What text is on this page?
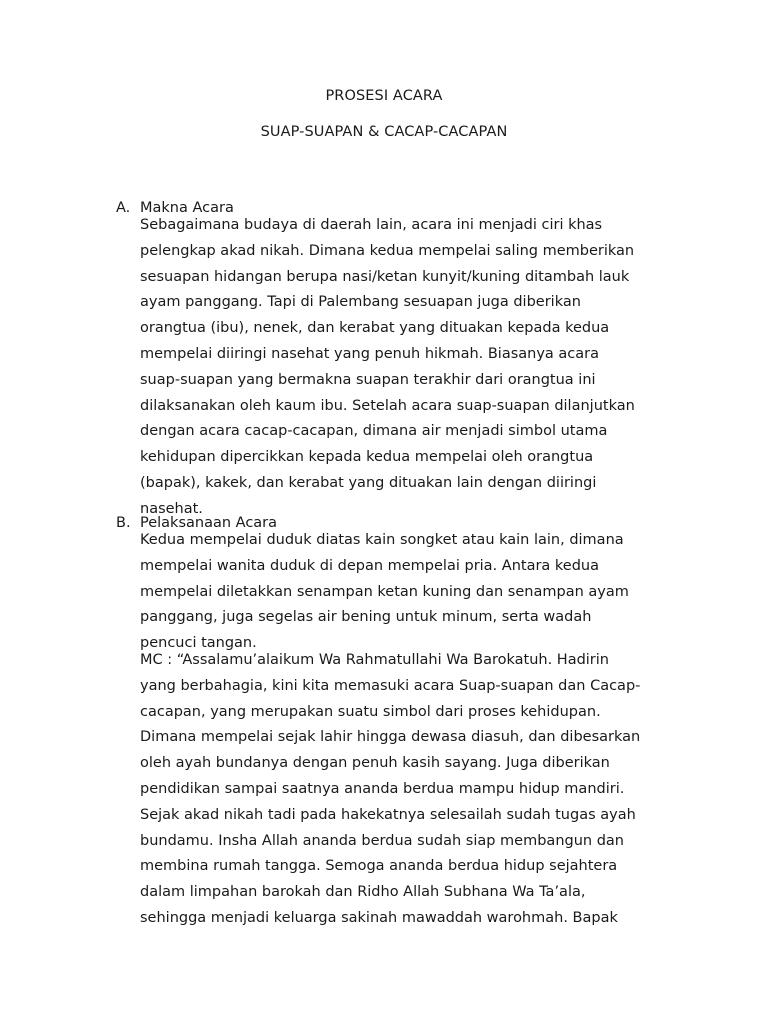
PROSESI ACARA
SUAP-SUAPAN & CACAP-CACAPAN
A. Makna Acara

Sebagaimana budaya di daerah lain, acara ini menjadi ciri khas
pelengkap akad nikah. Dimana kedua mempelai saling memberikan
sesuapan hidangan berupa nasi/ketan kunyit/kuning ditambah lauk
ayam panggang. Tapi di Palembang sesuapan juga diberikan
orangtua (ibu), nenek, dan kerabat yang dituakan kepada kedua
mempelai diiringi nasehat yang penuh hikmah. Biasanya acara
suap-suapan yang bermakna suapan terakhir dari orangtua ini
dilaksanakan oleh kaum ibu. Setelah acara suap-suapan dilanjutkan
dengan acara cacap-cacapan, dimana air menjadi simbol utama
kehidupan dipercikkan kepada kedua mempelai oleh orangtua
(bapak), kakek, dan kerabat yang dituakan lain dengan diiringi
nasehat.

B. Pelaksanaan Acara

Kedua mempelai duduk diatas kain songket atau kain lain, dimana
mempelai wanita duduk di depan mempelai pria. Antara kedua
mempelai diletakkan senampan ketan kuning dan senampan ayam
panggang, juga segelas air bening untuk minum, serta wadah
pencuci tangan.

MC : “Assalamu’alaikum Wa Rahmatullahi Wa Barokatuh. Hadirin
yang berbahagia, kini kita memasuki acara Suap-suapan dan Cacap-
cacapan, yang merupakan suatu simbol dari proses kehidupan.
Dimana mempelai sejak lahir hingga dewasa diasuh, dan dibesarkan
oleh ayah bundanya dengan penuh kasih sayang. Juga diberikan
pendidikan sampai saatnya ananda berdua mampu hidup mandiri.
Sejak akad nikah tadi pada hakekatnya selesailah sudah tugas ayah
bundamu. Insha Allah ananda berdua sudah siap membangun dan
membina rumah tangga. Semoga ananda berdua hidup sejahtera
dalam limpahan barokah dan Ridho Allah Subhana Wa Ta’ala,
sehingga menjadi keluarga sakinah mawaddah warohmah. Bapak
